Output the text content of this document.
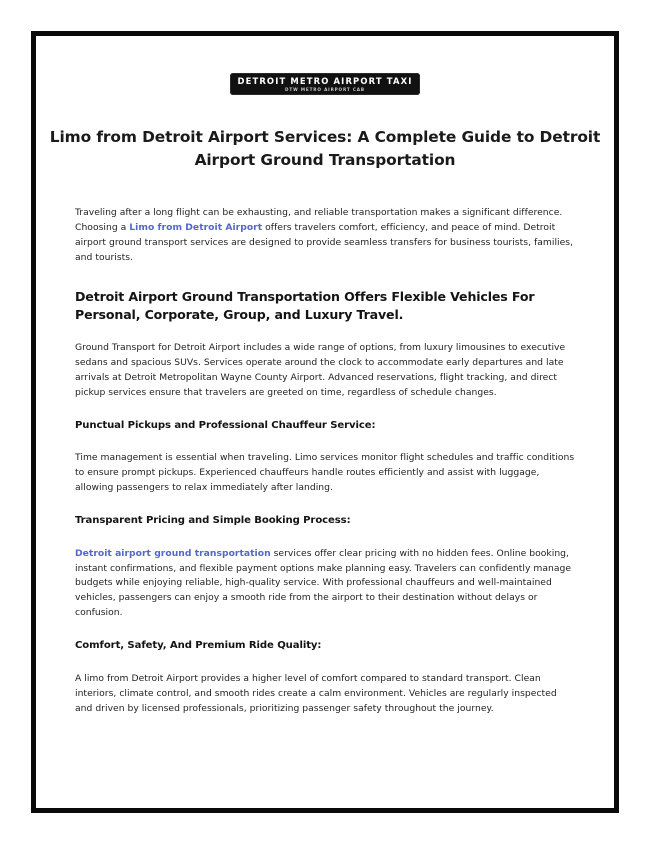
DETROIT METRO AIRPORT TAXI
DTW METRO AIRPORT CAB
Limo from Detroit Airport Services: A Complete Guide to Detroit Airport Ground Transportation

Traveling after a long flight can be exhausting, and reliable transportation makes a significant difference. Choosing a Limo from Detroit Airport offers travelers comfort, efficiency, and peace of mind. Detroit airport ground transport services are designed to provide seamless transfers for business tourists, families, and tourists.

Detroit Airport Ground Transportation Offers Flexible Vehicles For Personal, Corporate, Group, and Luxury Travel.

Ground Transport for Detroit Airport includes a wide range of options, from luxury limousines to executive sedans and spacious SUVs. Services operate around the clock to accommodate early departures and late arrivals at Detroit Metropolitan Wayne County Airport. Advanced reservations, flight tracking, and direct pickup services ensure that travelers are greeted on time, regardless of schedule changes.

Punctual Pickups and Professional Chauffeur Service:

Time management is essential when traveling. Limo services monitor flight schedules and traffic conditions to ensure prompt pickups. Experienced chauffeurs handle routes efficiently and assist with luggage, allowing passengers to relax immediately after landing.

Transparent Pricing and Simple Booking Process:

Detroit airport ground transportation services offer clear pricing with no hidden fees. Online booking, instant confirmations, and flexible payment options make planning easy. Travelers can confidently manage budgets while enjoying reliable, high-quality service. With professional chauffeurs and well-maintained vehicles, passengers can enjoy a smooth ride from the airport to their destination without delays or confusion.

Comfort, Safety, And Premium Ride Quality:

A limo from Detroit Airport provides a higher level of comfort compared to standard transport. Clean interiors, climate control, and smooth rides create a calm environment. Vehicles are regularly inspected and driven by licensed professionals, prioritizing passenger safety throughout the journey.
